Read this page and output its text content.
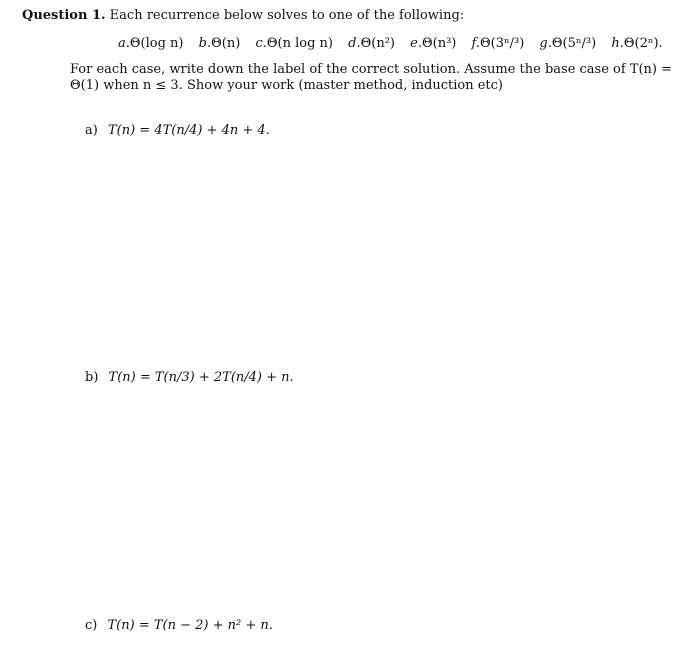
Question 1. Each recurrence below solves to one of the following:
a.Θ(log n) b.Θ(n) c.Θ(n log n) d.Θ(n²) e.Θ(n³) f.Θ(3ⁿ/³) g.Θ(5ⁿ/³) h.Θ(2ⁿ).
For each case, write down the label of the correct solution. Assume the base case of T(n) = Θ(1) when n ≤ 3. Show your work (master method, induction etc)
a) T(n) = 4T(n/4) + 4n + 4.
b) T(n) = T(n/3) + 2T(n/4) + n.
c) T(n) = T(n − 2) + n² + n.
